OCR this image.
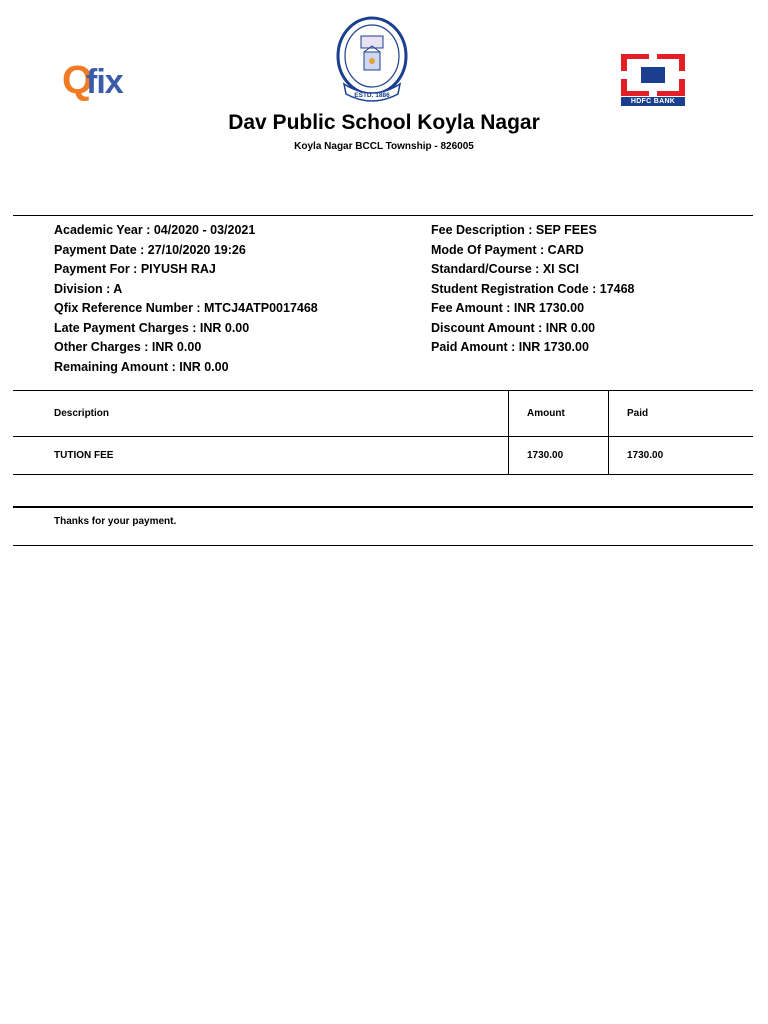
Q
fix	ESTD. 1886
HDFC BANK
Dav Public School Koyla Nagar
Koyla Nagar BCCL Township - 826005
Academic Year : 04/2020 - 03/2021
Payment Date : 27/10/2020 19:26
Payment For : PIYUSH RAJ
Division : A
Qfix Reference Number : MTCJ4ATP0017468
Late Payment Charges : INR 0.00
Other Charges : INR 0.00
Remaining Amount : INR 0.00
Fee Description : SEP FEES
Mode Of Payment : CARD
Standard/Course : XI SCI
Student Registration Code : 17468
Fee Amount : INR 1730.00
Discount Amount : INR 0.00
Paid Amount : INR 1730.00
Description	Amount	Paid
TUTION FEE	1730.00	1730.00
Thanks for your payment.
